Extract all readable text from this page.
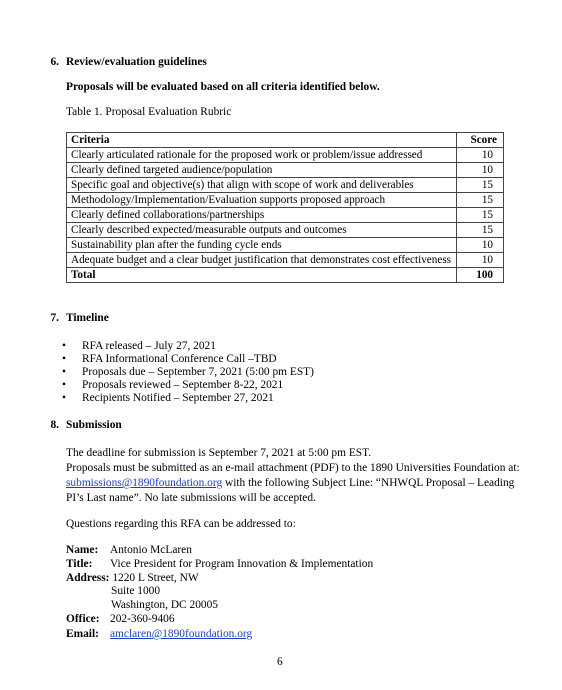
6. Review/evaluation guidelines
Proposals will be evaluated based on all criteria identified below.
Table 1. Proposal Evaluation Rubric
Criteria	Score
Clearly articulated rationale for the proposed work or problem/issue addressed	10
Clearly defined targeted audience/population	10
Specific goal and objective(s) that align with scope of work and deliverables	15
Methodology/Implementation/Evaluation supports proposed approach	15
Clearly defined collaborations/partnerships	15
Clearly described expected/measurable outputs and outcomes	15
Sustainability plan after the funding cycle ends	10
Adequate budget and a clear budget justification that demonstrates cost effectiveness	10
Total	100
7. Timeline
• RFA released – July 27, 2021
• RFA Informational Conference Call –TBD
• Proposals due – September 7, 2021 (5:00 pm EST)
• Proposals reviewed – September 8-22, 2021
• Recipients Notified – September 27, 2021
8. Submission
The deadline for submission is September 7, 2021 at 5:00 pm EST.
Proposals must be submitted as an e-mail attachment (PDF) to the 1890 Universities Foundation at:
submissions@1890foundation.org with the following Subject Line: “NHWQL Proposal – Leading
PI’s Last name”. No late submissions will be accepted.
Questions regarding this RFA can be addressed to:
Name: Antonio McLaren
Title: Vice President for Program Innovation & Implementation
Address: 1220 L Street, NW
Suite 1000
Washington, DC 20005
Office: 202-360-9406
Email: amclaren@1890foundation.org
6
